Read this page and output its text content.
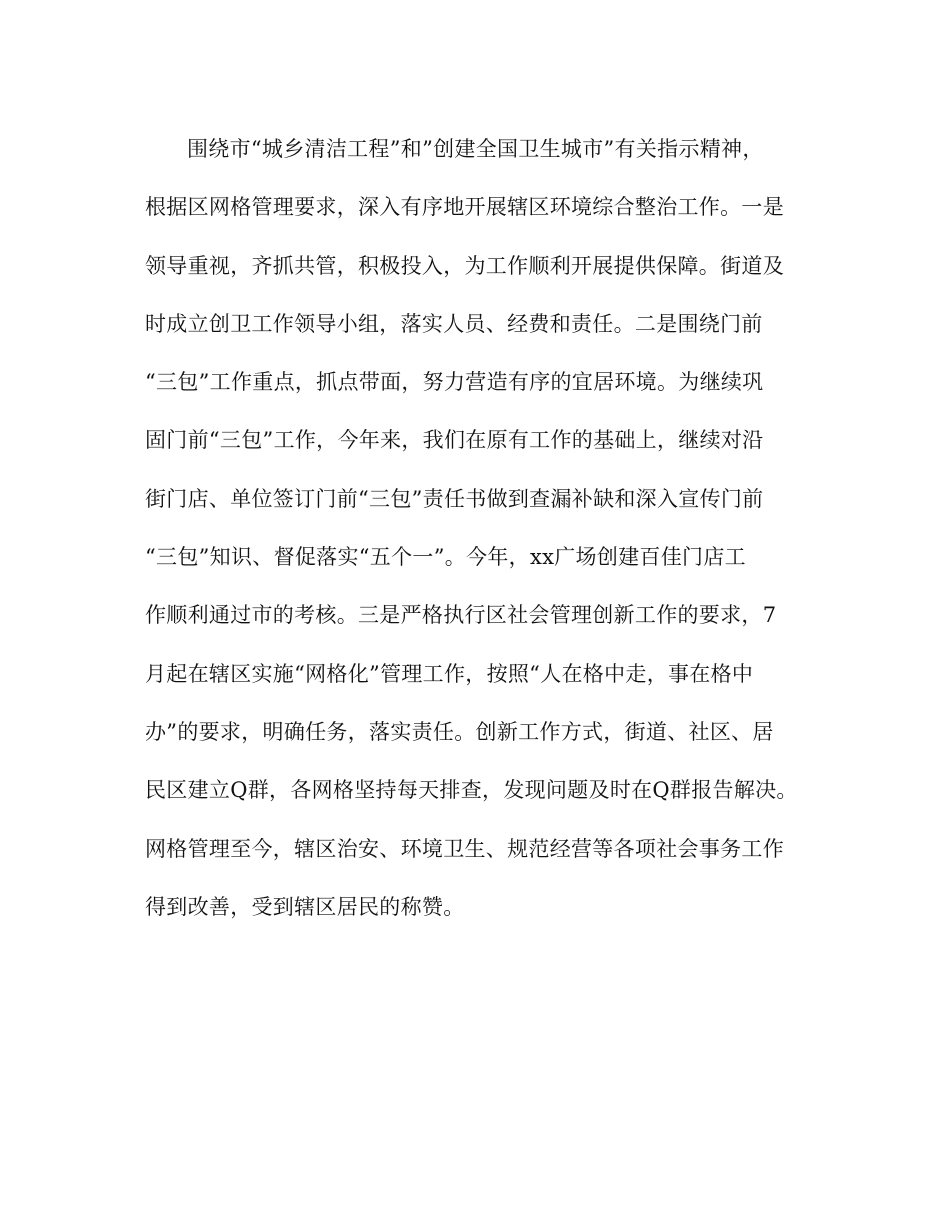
围绕市“城乡清洁工程”和”创建全国卫生城市”有关指示精神，
根据区网格管理要求，深入有序地开展辖区环境综合整治工作。一是
领导重视，齐抓共管，积极投入，为工作顺利开展提供保障。街道及
时成立创卫工作领导小组，落实人员、经费和责任。二是围绕门前
“三包”工作重点，抓点带面，努力营造有序的宜居环境。为继续巩
固门前“三包”工作，今年来，我们在原有工作的基础上，继续对沿
街门店、单位签订门前“三包”责任书做到查漏补缺和深入宣传门前
“三包”知识、督促落实“五个一”。今年，xx广场创建百佳门店工
作顺利通过市的考核。三是严格执行区社会管理创新工作的要求，7
月起在辖区实施“网格化”管理工作，按照“人在格中走，事在格中
办”的要求，明确任务，落实责任。创新工作方式，街道、社区、居
民区建立Q群，各网格坚持每天排查，发现问题及时在Q群报告解决。
网格管理至今，辖区治安、环境卫生、规范经营等各项社会事务工作
得到改善，受到辖区居民的称赞。
